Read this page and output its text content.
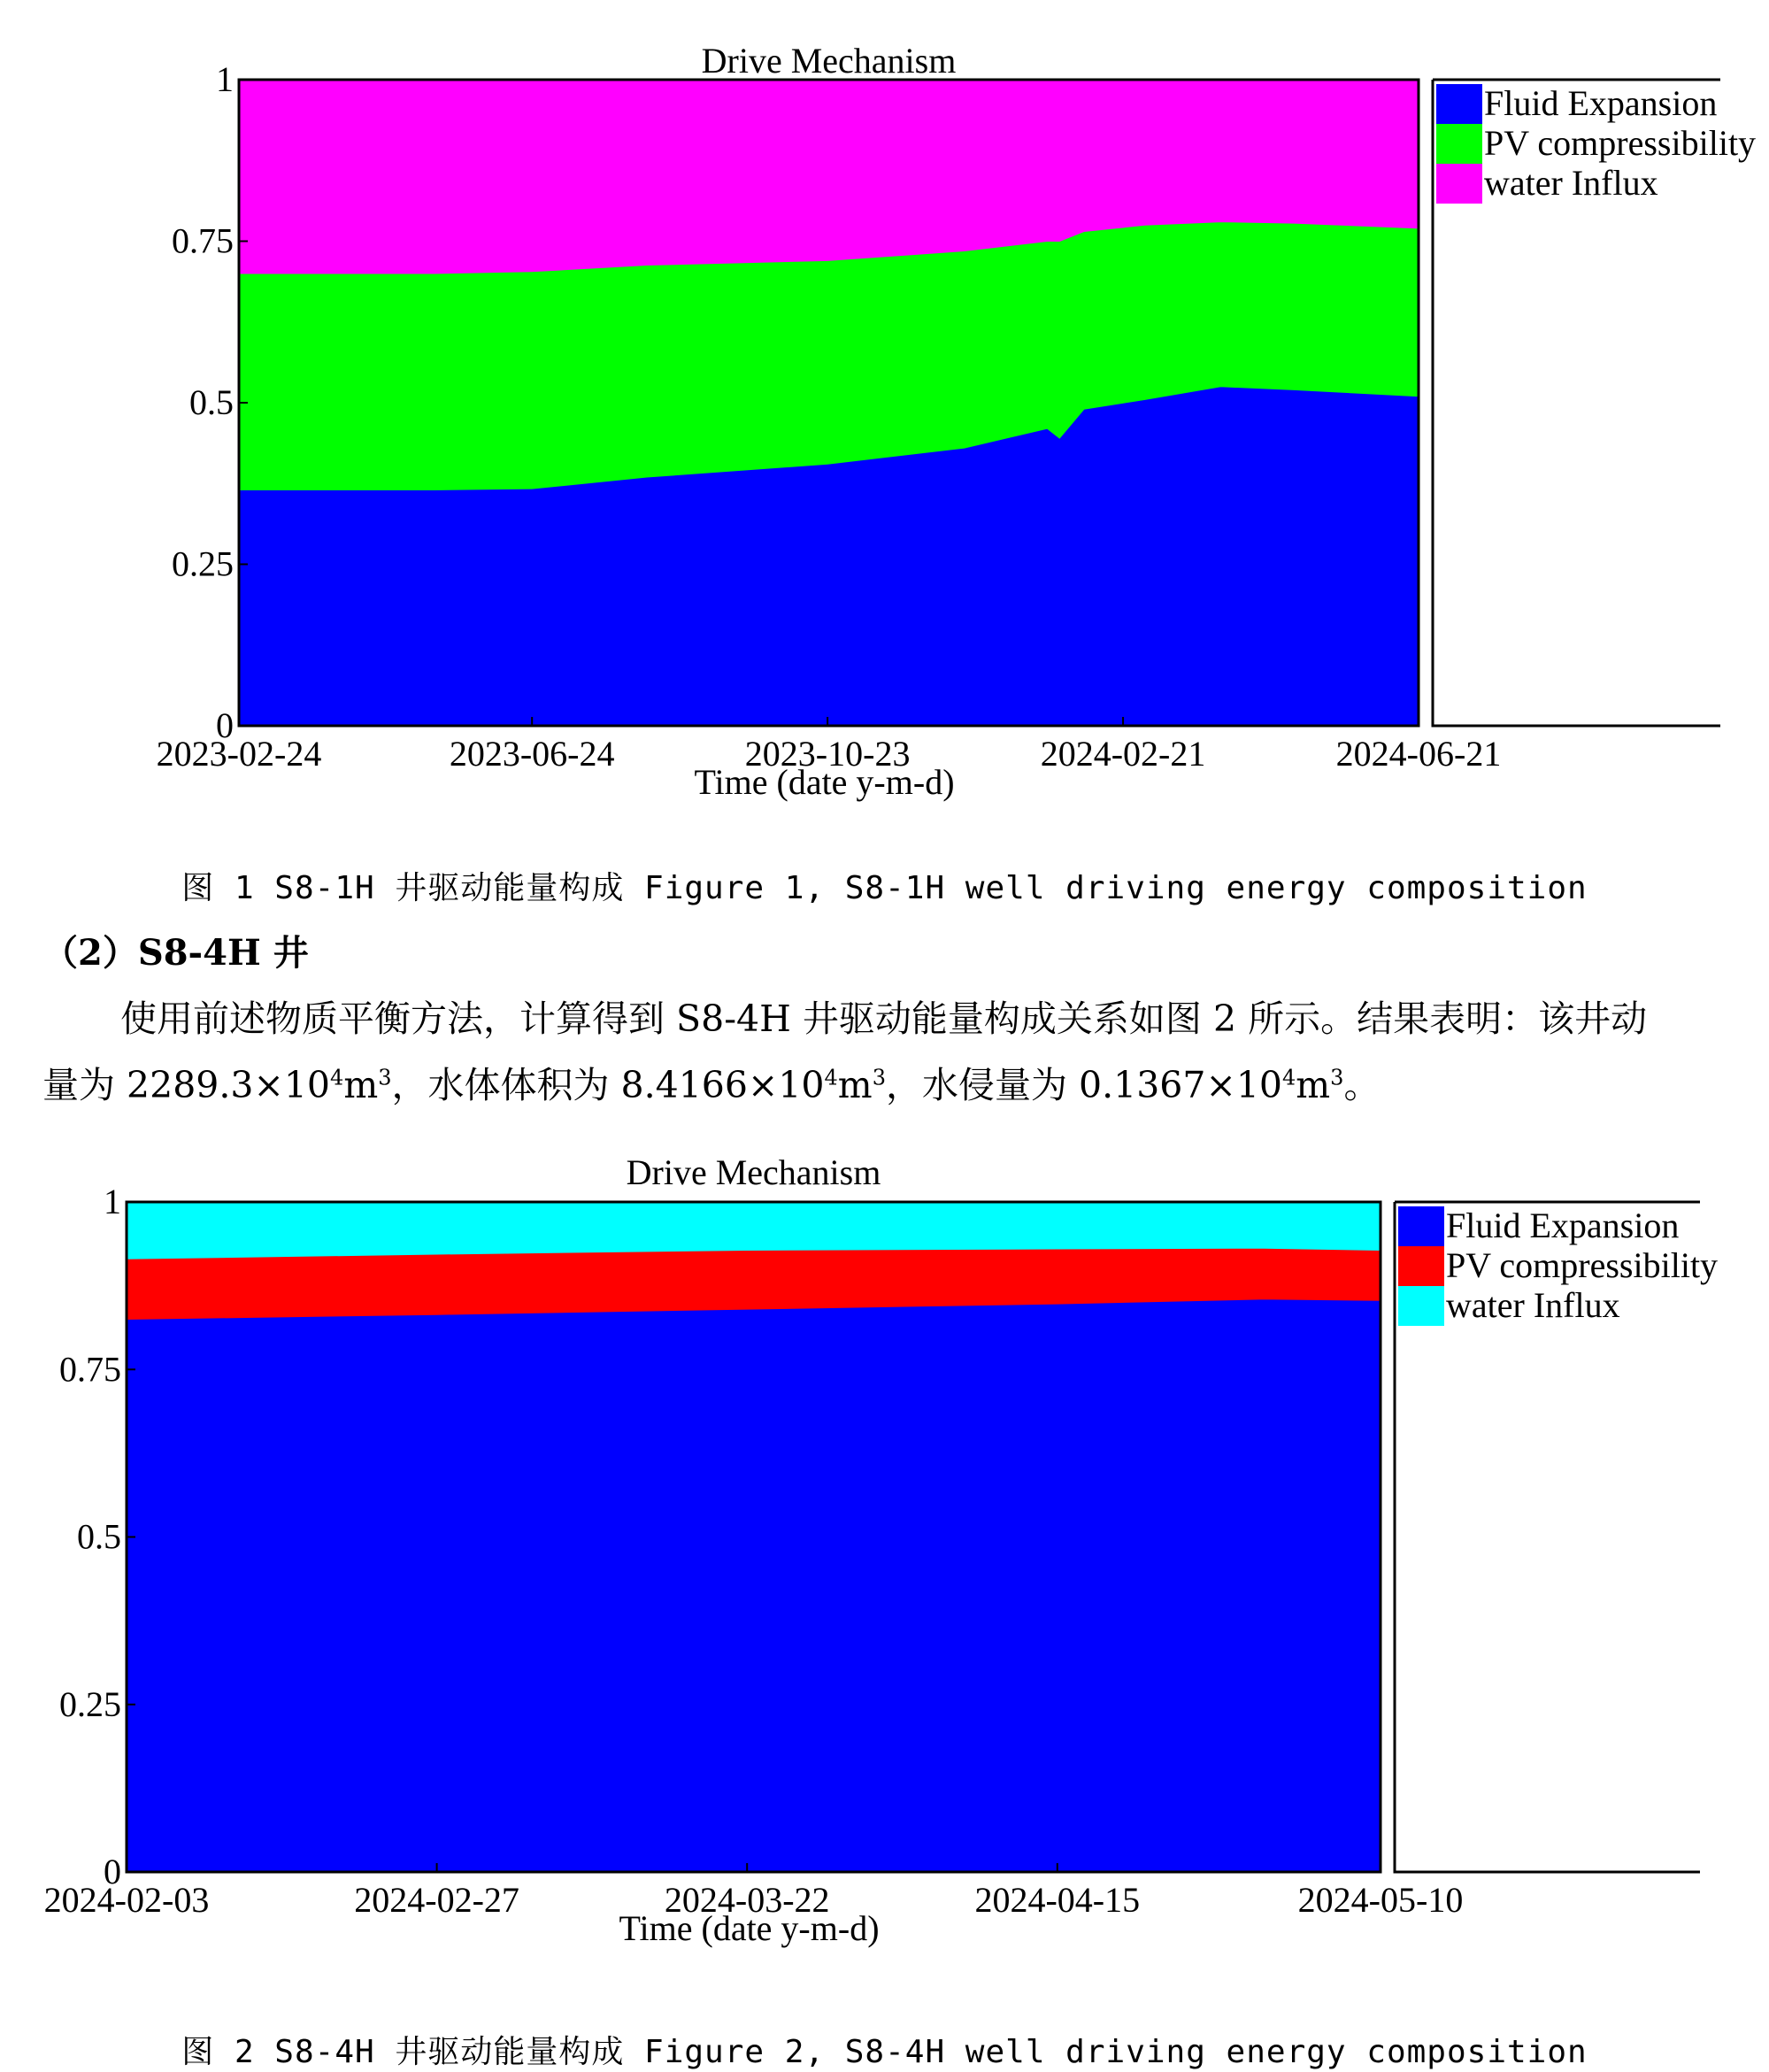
0
0.25
0.5
0.75
1
2023-02-24	2023-06-24	2023-10-23	2024-02-21	2024-06-21
Drive Mechanism
Time (date y-m-d)
Fluid Expansion
PV compressibility
water Influx
图 1 S8-1H 井驱动能量构成 Figure 1, S8-1H well driving energy composition
（2）S8-4H 井
使用前述物质平衡方法，计算得到 S8-4H 井驱动能量构成关系如图 2 所示。结果表明：该井动
量为 $2289.3\times 10^4m^3$，水体体积为 $8.4166\times 10^4m^3$，水侵量为 $0.1367\times 10^4m^3$。
0
0.25
0.5
0.75
1
2024-02-03	2024-02-27	2024-03-22	2024-04-15	2024-05-10
Drive Mechanism
Time (date y-m-d)
Fluid Expansion
PV compressibility
water Influx
图 2 S8-4H 井驱动能量构成 Figure 2, S8-4H well driving energy composition
